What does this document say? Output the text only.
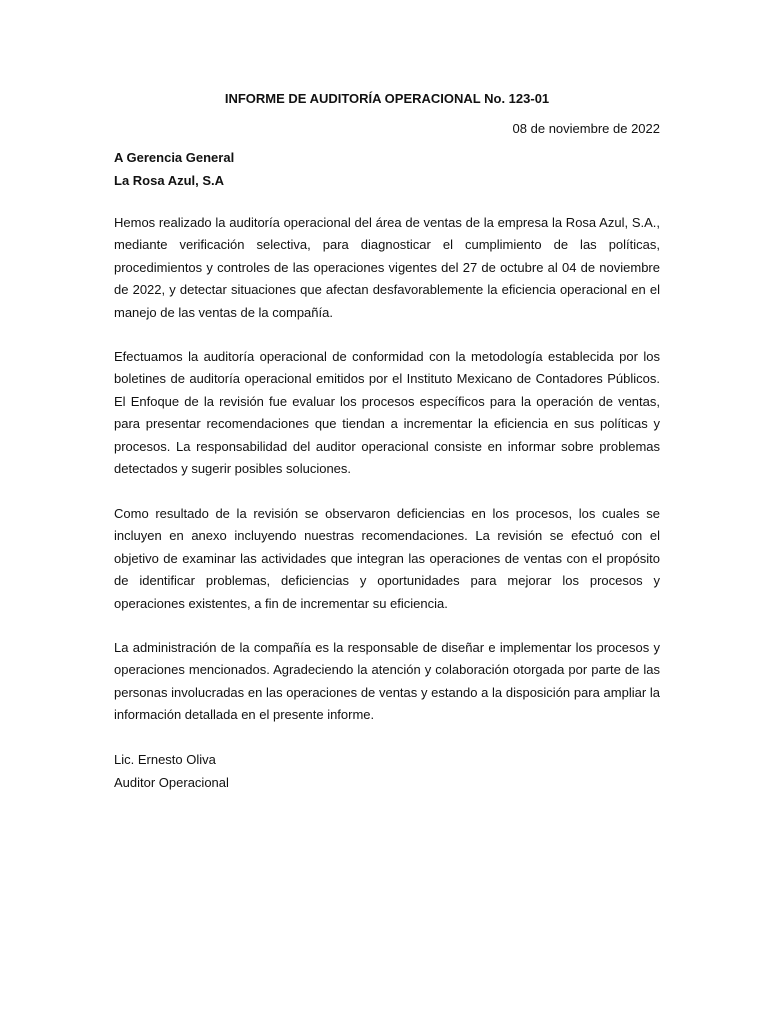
INFORME DE AUDITORÍA OPERACIONAL No. 123-01
08 de noviembre de 2022
A Gerencia General
La Rosa Azul, S.A

Hemos realizado la auditoría operacional del área de ventas de la empresa la Rosa Azul, S.A., mediante verificación selectiva, para diagnosticar el cumplimiento de las políticas, procedimientos y controles de las operaciones vigentes del 27 de octubre al 04 de noviembre de 2022, y detectar situaciones que afectan desfavorablemente la eficiencia operacional en el manejo de las ventas de la compañía.

Efectuamos la auditoría operacional de conformidad con la metodología establecida por los boletines de auditoría operacional emitidos por el Instituto Mexicano de Contadores Públicos. El Enfoque de la revisión fue evaluar los procesos específicos para la operación de ventas, para presentar recomendaciones que tiendan a incrementar la eficiencia en sus políticas y procesos. La responsabilidad del auditor operacional consiste en informar sobre problemas detectados y sugerir posibles soluciones.

Como resultado de la revisión se observaron deficiencias en los procesos, los cuales se incluyen en anexo incluyendo nuestras recomendaciones. La revisión se efectuó con el objetivo de examinar las actividades que integran las operaciones de ventas con el propósito de identificar problemas, deficiencias y oportunidades para mejorar los procesos y operaciones existentes, a fin de incrementar su eficiencia.

La administración de la compañía es la responsable de diseñar e implementar los procesos y operaciones mencionados. Agradeciendo la atención y colaboración otorgada por parte de las personas involucradas en las operaciones de ventas y estando a la disposición para ampliar la información detallada en el presente informe.

Lic. Ernesto Oliva
Auditor Operacional
